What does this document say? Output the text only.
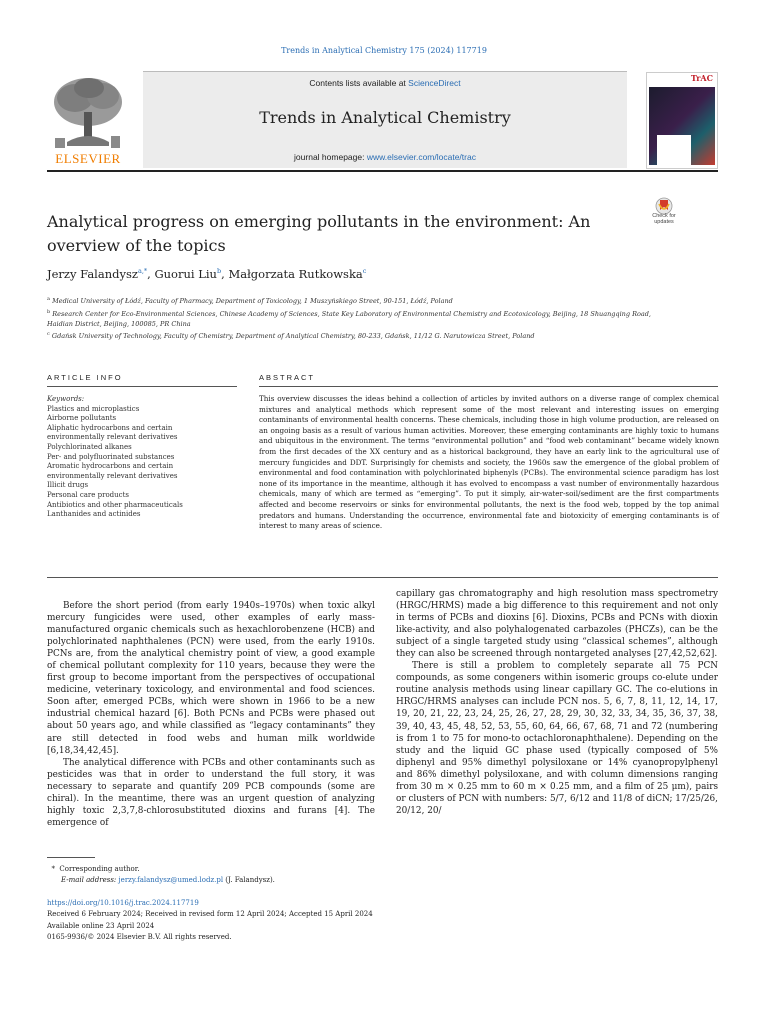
Trends in Analytical Chemistry 175 (2024) 117719
Contents lists available at ScienceDirect
Trends in Analytical Chemistry
journal homepage: www.elsevier.com/locate/trac
ELSEVIER
TrAC
Analytical progress on emerging pollutants in the environment: An overview of the topics
Check for updates
Jerzy Falandysz$^{a,*}$, Guorui Liu$^b$, Małgorzata Rutkowska$^c$
$^a$ Medical University of Łódź, Faculty of Pharmacy, Department of Toxicology, 1 Muszyńskiego Street, 90-151, Łódź, Poland
$^b$ Research Center for Eco-Environmental Sciences, Chinese Academy of Sciences, State Key Laboratory of Environmental Chemistry and Ecotoxicology, Beijing, 18 Shuangqing Road, Haidian District, Beijing, 100085, PR China
$^c$ Gdańsk University of Technology, Faculty of Chemistry, Department of Analytical Chemistry, 80-233, Gdańsk, 11/12 G. Narutowicza Street, Poland
ARTICLE INFO
Keywords:
Plastics and microplastics
Airborne pollutants
Aliphatic hydrocarbons and certain environmentally relevant derivatives
Polychlorinated alkanes
Per- and polyfluorinated substances
Aromatic hydrocarbons and certain environmentally relevant derivatives
Illicit drugs
Personal care products
Antibiotics and other pharmaceuticals
Lanthanides and actinides
ABSTRACT
This overview discusses the ideas behind a collection of articles by invited authors on a diverse range of complex chemical mixtures and analytical methods which represent some of the most relevant and interesting issues on emerging contaminants of environmental health concerns. These chemicals, including those in high volume production, are released on an ongoing basis as a result of various human activities. Moreover, these emerging contaminants are highly toxic to humans and ubiquitous in the environment. The terms “environmental pollution” and “food web contaminant” became widely known from the first decades of the XX century and as a historical background, they have an early link to the agricultural use of mercury fungicides and DDT. Surprisingly for chemists and society, the 1960s saw the emergence of the global problem of environmental and food contamination with polychlorinated biphenyls (PCBs). The environmental science paradigm has lost none of its importance in the meantime, although it has evolved to encompass a vast number of environmentally hazardous chemicals, many of which are termed as “emerging”. To put it simply, air-water-soil/sediment are the first compartments affected and become reservoirs or sinks for environmental pollutants, the next is the food web, topped by the top animal predators and humans. Understanding the occurrence, environmental fate and biotoxicity of emerging contaminants is of interest to many areas of science.

Before the short period (from early 1940s–1970s) when toxic alkyl mercury fungicides were used, other examples of early mass-manufactured organic chemicals such as hexachlorobenzene (HCB) and polychlorinated naphthalenes (PCN) were used, from the early 1910s. PCNs are, from the analytical chemistry point of view, a good example of chemical pollutant complexity for 110 years, because they were the first group to become important from the perspectives of occupational medicine, veterinary toxicology, and environmental and food sciences. Soon after, emerged PCBs, which were shown in 1966 to be a new industrial chemical hazard [6]. Both PCNs and PCBs were phased out about 50 years ago, and while classified as “legacy contaminants” they are still detected in food webs and human milk worldwide [6,18,34,42,45].

The analytical difference with PCBs and other contaminants such as pesticides was that in order to understand the full story, it was necessary to separate and quantify 209 PCB compounds (some are chiral). In the meantime, there was an urgent question of analyzing highly toxic 2,3,7,8-chlorosubstituted dioxins and furans [4]. The emergence of

capillary gas chromatography and high resolution mass spectrometry (HRGC/HRMS) made a big difference to this requirement and not only in terms of PCBs and dioxins [6]. Dioxins, PCBs and PCNs with dioxin like-activity, and also polyhalogenated carbazoles (PHCZs), can be the subject of a single targeted study using “classical schemes”, although they can also be screened through nontargeted analyses [27,42,52,62].

There is still a problem to completely separate all 75 PCN compounds, as some congeners within isomeric groups co-elute under routine analysis methods using linear capillary GC. The co-elutions in HRGC/HRMS analyses can include PCN nos. 5, 6, 7, 8, 11, 12, 14, 17, 19, 20, 21, 22, 23, 24, 25, 26, 27, 28, 29, 30, 32, 33, 34, 35, 36, 37, 38, 39, 40, 43, 45, 48, 52, 53, 55, 60, 64, 66, 67, 68, 71 and 72 (numbering is from 1 to 75 for mono-to octachloronaphthalene). Depending on the study and the liquid GC phase used (typically composed of 5% diphenyl and 95% dimethyl polysiloxane or 14% cyanopropylphenyl and 86% dimethyl polysiloxane, and with column dimensions ranging from 30 m × 0.25 mm to 60 m × 0.25 mm, and a film of 25 μm), pairs or clusters of PCN with numbers: 5/7, 6/12 and 11/8 of diCN; 17/25/26, 20/12, 20/

*  Corresponding author.
E-mail address: jerzy.falandysz@umed.lodz.pl (J. Falandysz).
https://doi.org/10.1016/j.trac.2024.117719
Received 6 February 2024; Received in revised form 12 April 2024; Accepted 15 April 2024
Available online 23 April 2024
0165-9936/© 2024 Elsevier B.V. All rights reserved.
